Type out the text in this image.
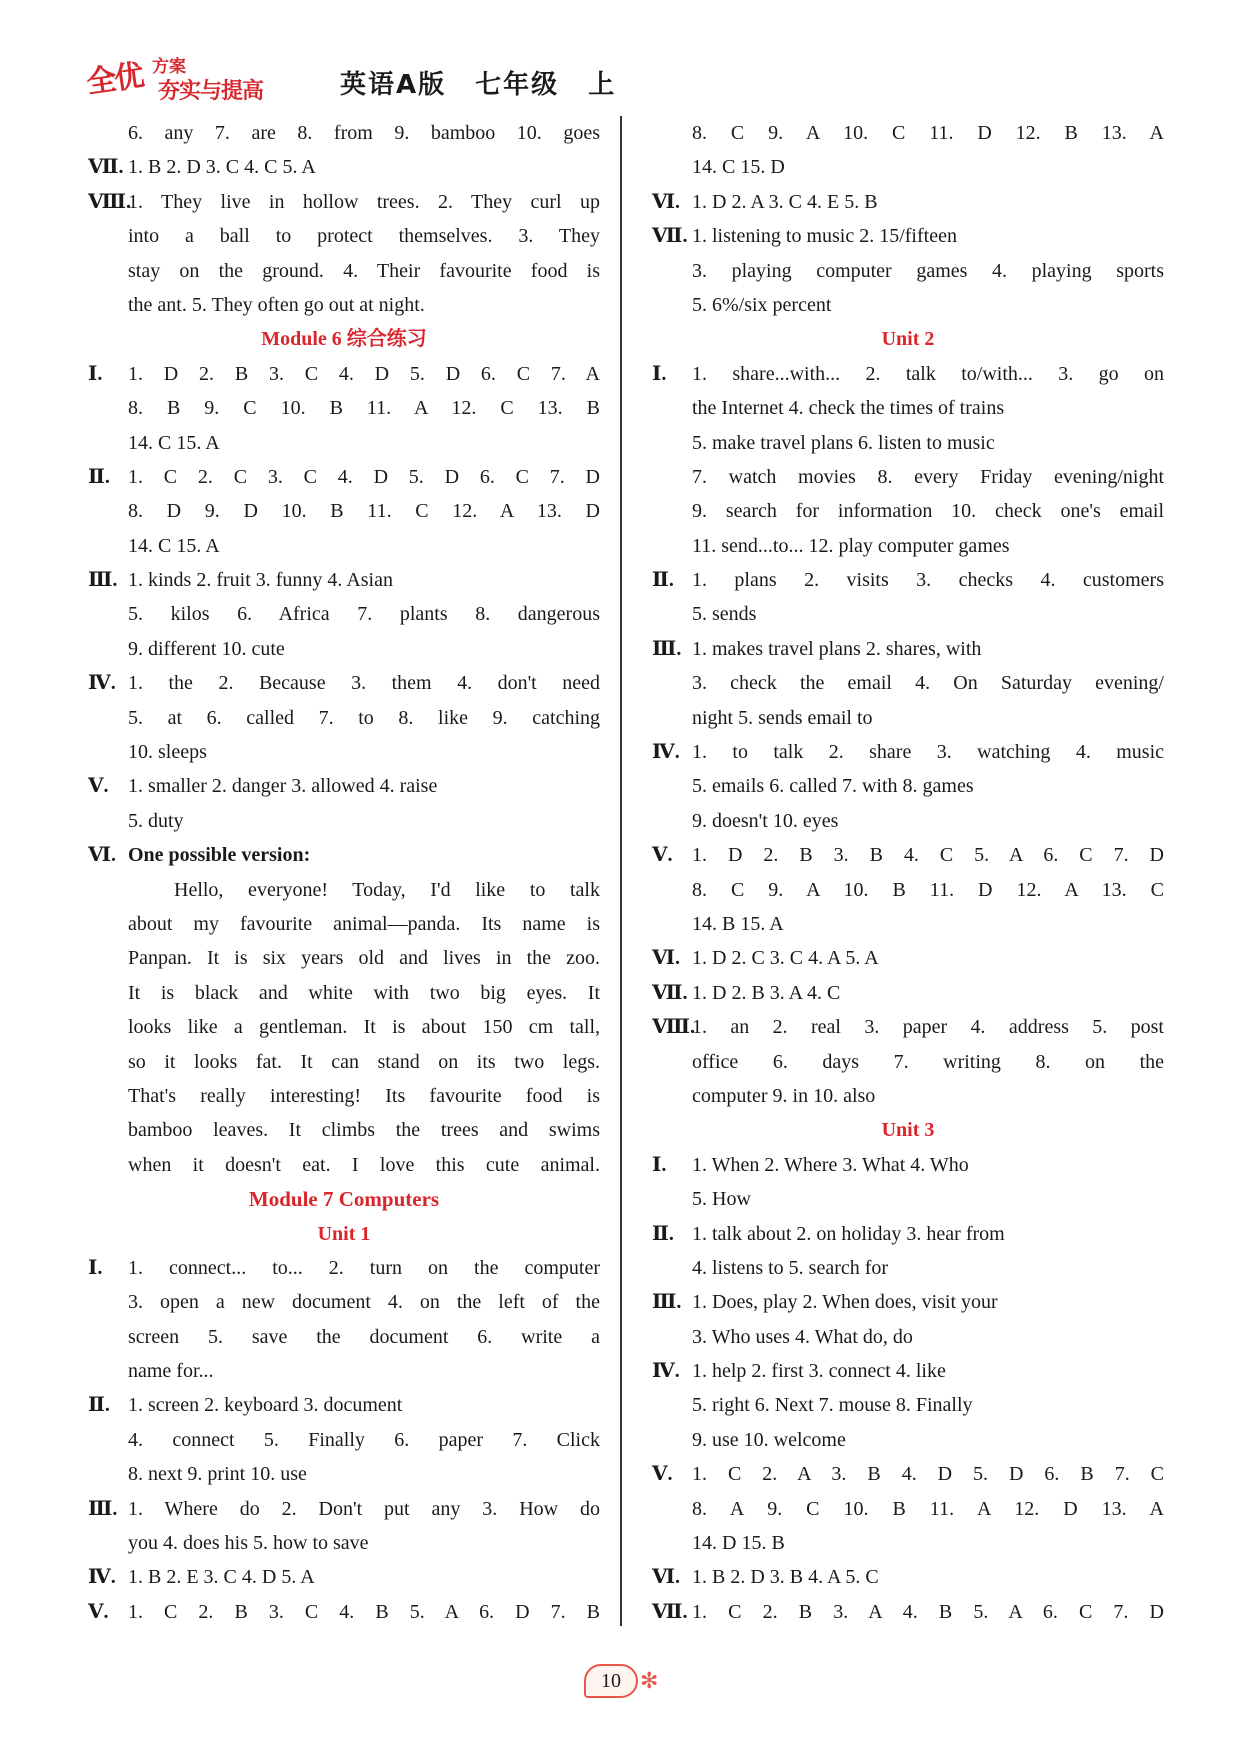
全优 方案
夯实与提高	英语A版 七年级 上
6. any 7. are 8. from 9. bamboo 10. goes
Ⅶ. 1. B 2. D 3. C 4. C 5. A
Ⅷ.
1. They live in hollow trees. 2. They curl up
into a ball to protect themselves. 3. They
stay on the ground. 4. Their favourite food is
the ant. 5. They often go out at night.
Module 6 综合练习
Ⅰ. 1. D 2. B 3. C 4. D 5. D 6. C 7. A
8. B 9. C 10. B 11. A 12. C 13. B
14. C 15. A
Ⅱ. 1. C 2. C 3. C 4. D 5. D 6. C 7. D
8. D 9. D 10. B 11. C 12. A 13. D
14. C 15. A
Ⅲ. 1. kinds 2. fruit 3. funny 4. Asian
5. kilos 6. Africa 7. plants 8. dangerous
9. different 10. cute
Ⅳ. 1. the 2. Because 3. them 4. don't need
5. at 6. called 7. to 8. like 9. catching
10. sleeps
Ⅴ. 1. smaller 2. danger 3. allowed 4. raise
5. duty
Ⅵ. One possible version:
Hello, everyone! Today, I'd like to talk
about my favourite animal—panda. Its name is
Panpan. It is six years old and lives in the zoo.
It is black and white with two big eyes. It
looks like a gentleman. It is about 150 cm tall,
so it looks fat. It can stand on its two legs.
That's really interesting! Its favourite food is
bamboo leaves. It climbs the trees and swims
when it doesn't eat. I love this cute animal.
Module 7 Computers
Unit 1
Ⅰ. 1. connect... to... 2. turn on the computer
3. open a new document 4. on the left of the
screen 5. save the document 6. write a
name for...
Ⅱ. 1. screen 2. keyboard 3. document
4. connect 5. Finally 6. paper 7. Click
8. next 9. print 10. use
Ⅲ. 1. Where do 2. Don't put any 3. How do
you 4. does his 5. how to save
Ⅳ. 1. B 2. E 3. C 4. D 5. A
Ⅴ. 1. C 2. B 3. C 4. B 5. A 6. D 7. B
8. C 9. A 10. C 11. D 12. B 13. A
14. C 15. D
Ⅵ. 1. D 2. A 3. C 4. E 5. B
Ⅶ. 1. listening to music 2. 15/fifteen
3. playing computer games 4. playing sports
5. 6%/six percent
Unit 2
Ⅰ. 1. share...with... 2. talk to/with... 3. go on
the Internet 4. check the times of trains
5. make travel plans 6. listen to music
7. watch movies 8. every Friday evening/night
9. search for information 10. check one's email
11. send...to... 12. play computer games
Ⅱ. 1. plans 2. visits 3. checks 4. customers
5. sends
Ⅲ. 1. makes travel plans 2. shares, with
3. check the email 4. On Saturday evening/
night 5. sends email to
Ⅳ. 1. to talk 2. share 3. watching 4. music
5. emails 6. called 7. with 8. games
9. doesn't 10. eyes
Ⅴ. 1. D 2. B 3. B 4. C 5. A 6. C 7. D
8. C 9. A 10. B 11. D 12. A 13. C
14. B 15. A
Ⅵ. 1. D 2. C 3. C 4. A 5. A
Ⅶ. 1. D 2. B 3. A 4. C
Ⅷ.
1. an 2. real 3. paper 4. address 5. post
office 6. days 7. writing 8. on the
computer 9. in 10. also
Unit 3
Ⅰ. 1. When 2. Where 3. What 4. Who
5. How
Ⅱ. 1. talk about 2. on holiday 3. hear from
4. listens to 5. search for
Ⅲ. 1. Does, play 2. When does, visit your
3. Who uses 4. What do, do
Ⅳ. 1. help 2. first 3. connect 4. like
5. right 6. Next 7. mouse 8. Finally
9. use 10. welcome
Ⅴ. 1. C 2. A 3. B 4. D 5. D 6. B 7. C
8. A 9. C 10. B 11. A 12. D 13. A
14. D 15. B
Ⅵ. 1. B 2. D 3. B 4. A 5. C
Ⅶ. 1. C 2. B 3. A 4. B 5. A 6. C 7. D
10 ✻
